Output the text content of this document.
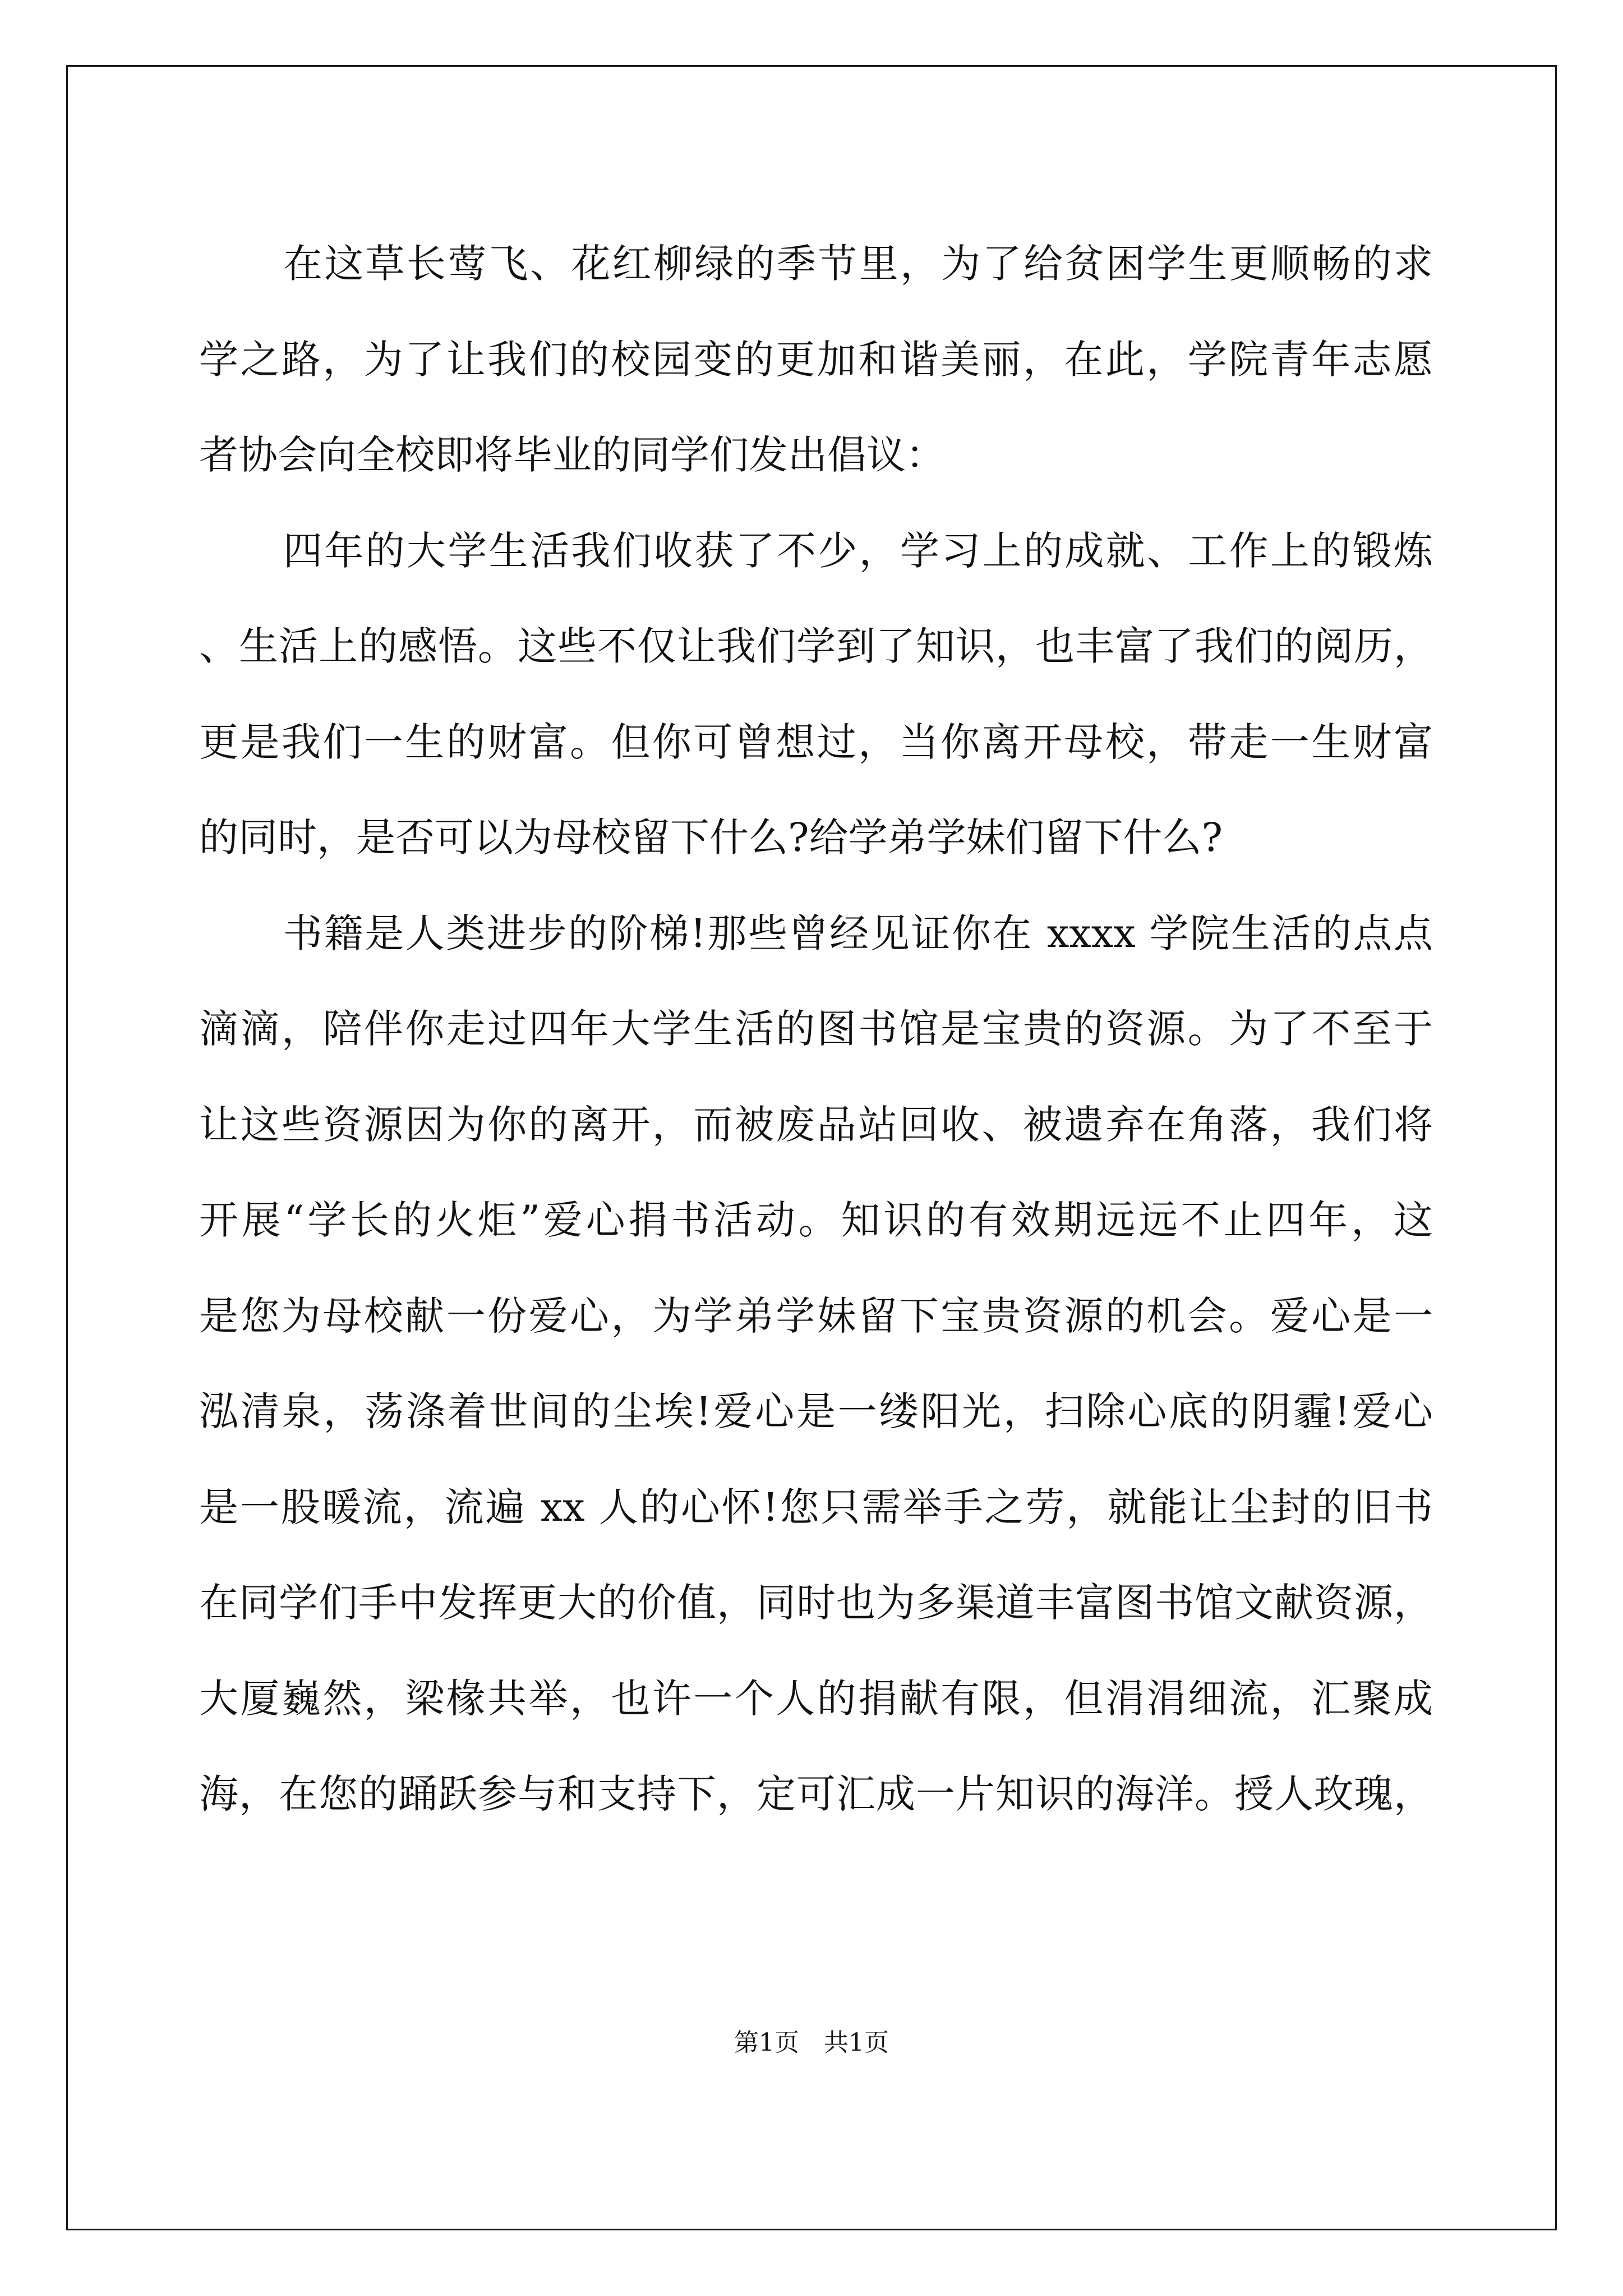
在这草长莺飞、花红柳绿的季节里，为了给贫困学生更顺畅的求

学之路，为了让我们的校园变的更加和谐美丽，在此，学院青年志愿

者协会向全校即将毕业的同学们发出倡议：

四年的大学生活我们收获了不少，学习上的成就、工作上的锻炼

、生活上的感悟。这些不仅让我们学到了知识，也丰富了我们的阅历，

更是我们一生的财富。但你可曾想过，当你离开母校，带走一生财富

的同时，是否可以为母校留下什么?给学弟学妹们留下什么?

书籍是人类进步的阶梯!那些曾经见证你在 xxxx 学院生活的点点

滴滴，陪伴你走过四年大学生活的图书馆是宝贵的资源。为了不至于

让这些资源因为你的离开，而被废品站回收、被遗弃在角落，我们将

开展“学长的火炬”爱心捐书活动。知识的有效期远远不止四年，这

是您为母校献一份爱心，为学弟学妹留下宝贵资源的机会。爱心是一

泓清泉，荡涤着世间的尘埃!爱心是一缕阳光，扫除心底的阴霾!爱心

是一股暖流，流遍 xx 人的心怀!您只需举手之劳，就能让尘封的旧书

在同学们手中发挥更大的价值，同时也为多渠道丰富图书馆文献资源，

大厦巍然，梁椽共举，也许一个人的捐献有限，但涓涓细流，汇聚成

海，在您的踊跃参与和支持下，定可汇成一片知识的海洋。授人玫瑰，

第1页　共1页
